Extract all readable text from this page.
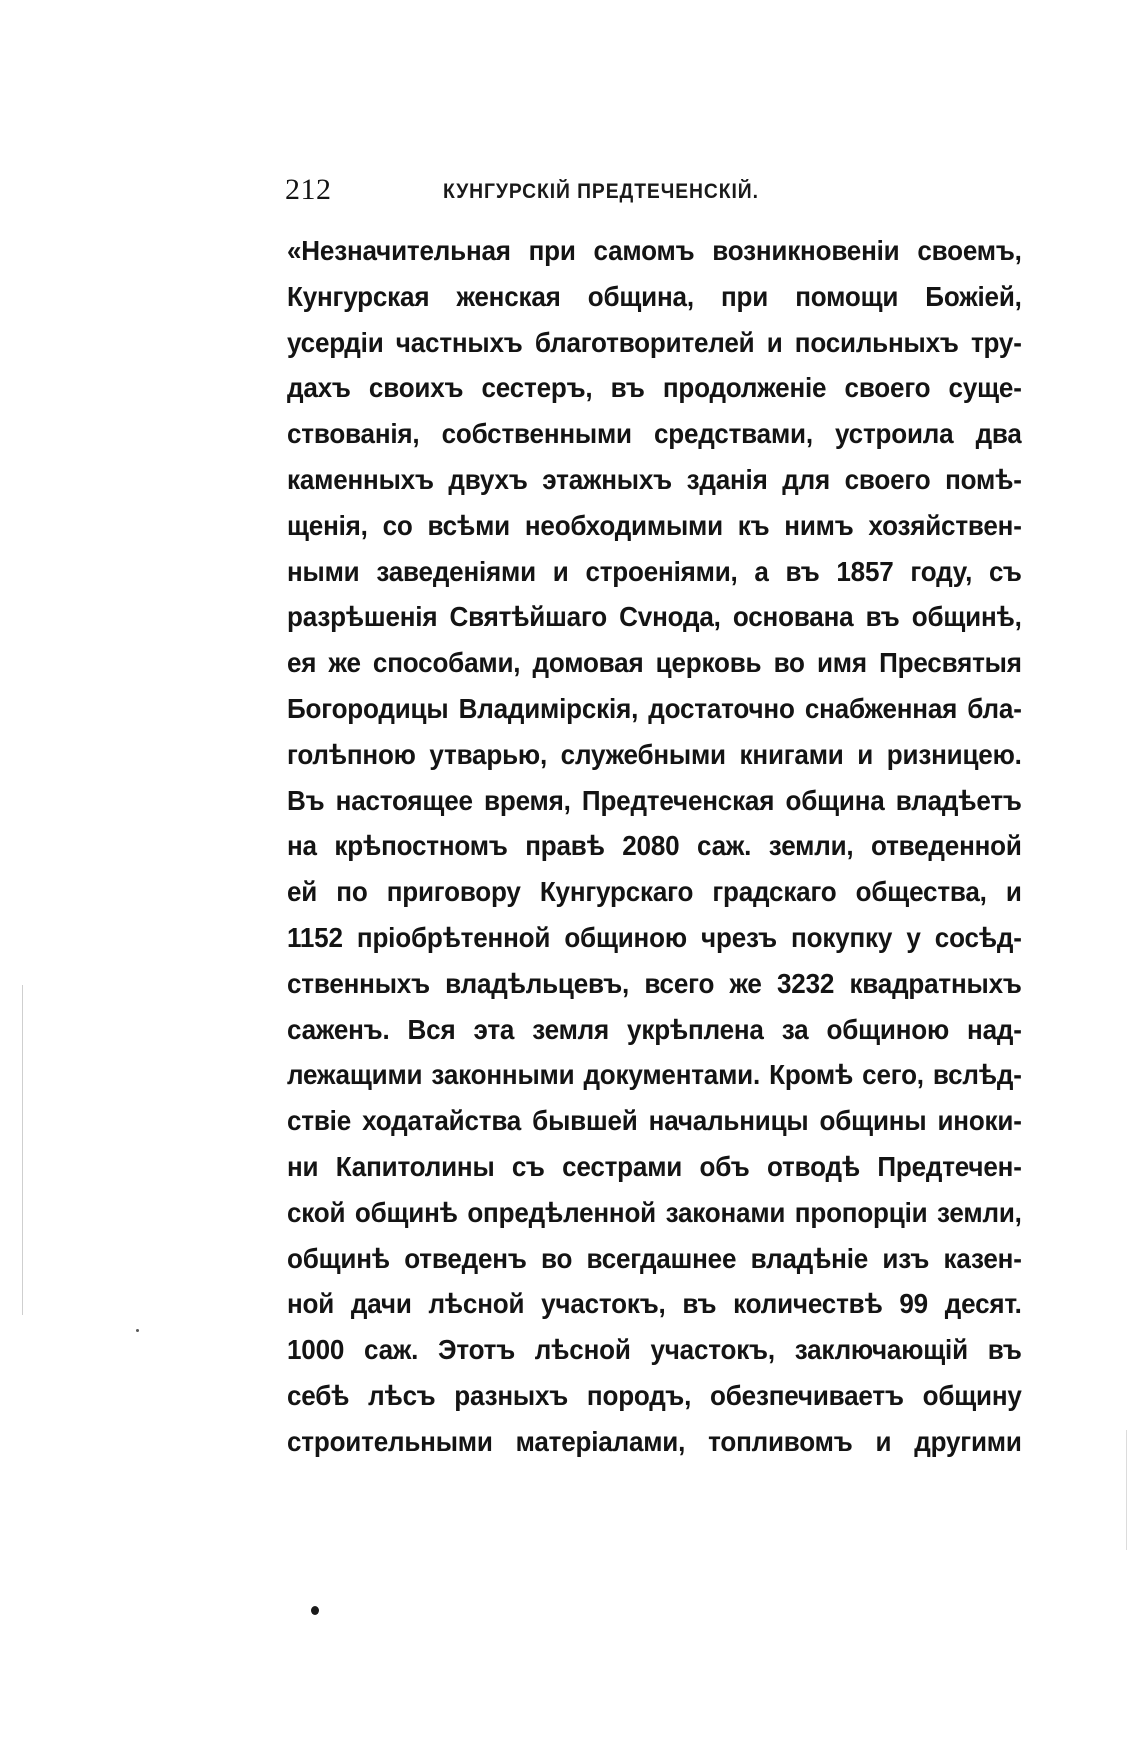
212	КУНГУРСКІЙ ПРЕДТЕЧЕНСКІЙ.
«Незначительная при самомъ возникновенiи своемъ,
Кунгурская женская община, при помощи Божiей,
усердiи частныхъ благотворителей и посильныхъ тру-
дахъ своихъ сестеръ, въ продолженiе своего суще-
ствованiя, собственными средствами, устроила два
каменныхъ двухъ этажныхъ зданiя для своего помѣ-
щенiя, со всѣми необходимыми къ нимъ хозяйствен-
ными заведенiями и строенiями, а въ 1857 году, съ
разрѣшенiя Святѣйшаго Сvнода, основана въ общинѣ,
ея же способами, домовая церковь во имя Пресвятыя
Богородицы Владимiрскiя, достаточно снабженная бла-
голѣпною утварью, служебными книгами и ризницею.
Въ настоящее время, Предтеченская община владѣетъ
на крѣпостномъ правѣ 2080 саж. земли, отведенной
ей по приговору Кунгурскаго градскаго общества, и
1152 прiобрѣтенной общиною чрезъ покупку у сосѣд-
ственныхъ владѣльцевъ, всего же 3232 квадратныхъ
саженъ. Вся эта земля укрѣплена за общиною над-
лежащими законными документами. Кромѣ сего, вслѣд-
ствiе ходатайства бывшей начальницы общины иноки-
ни Капитолины съ сестрами объ отводѣ Предтечен-
ской общинѣ опредѣленной законами пропорцiи земли,
общинѣ отведенъ во всегдашнее владѣнiе изъ казен-
ной дачи лѣсной участокъ, въ количествѣ 99 десят.
1000 саж. Этотъ лѣсной участокъ, заключающiй въ
себѣ лѣсъ разныхъ породъ, обезпечиваетъ общину
строительными матерiалами, топливомъ и другими
